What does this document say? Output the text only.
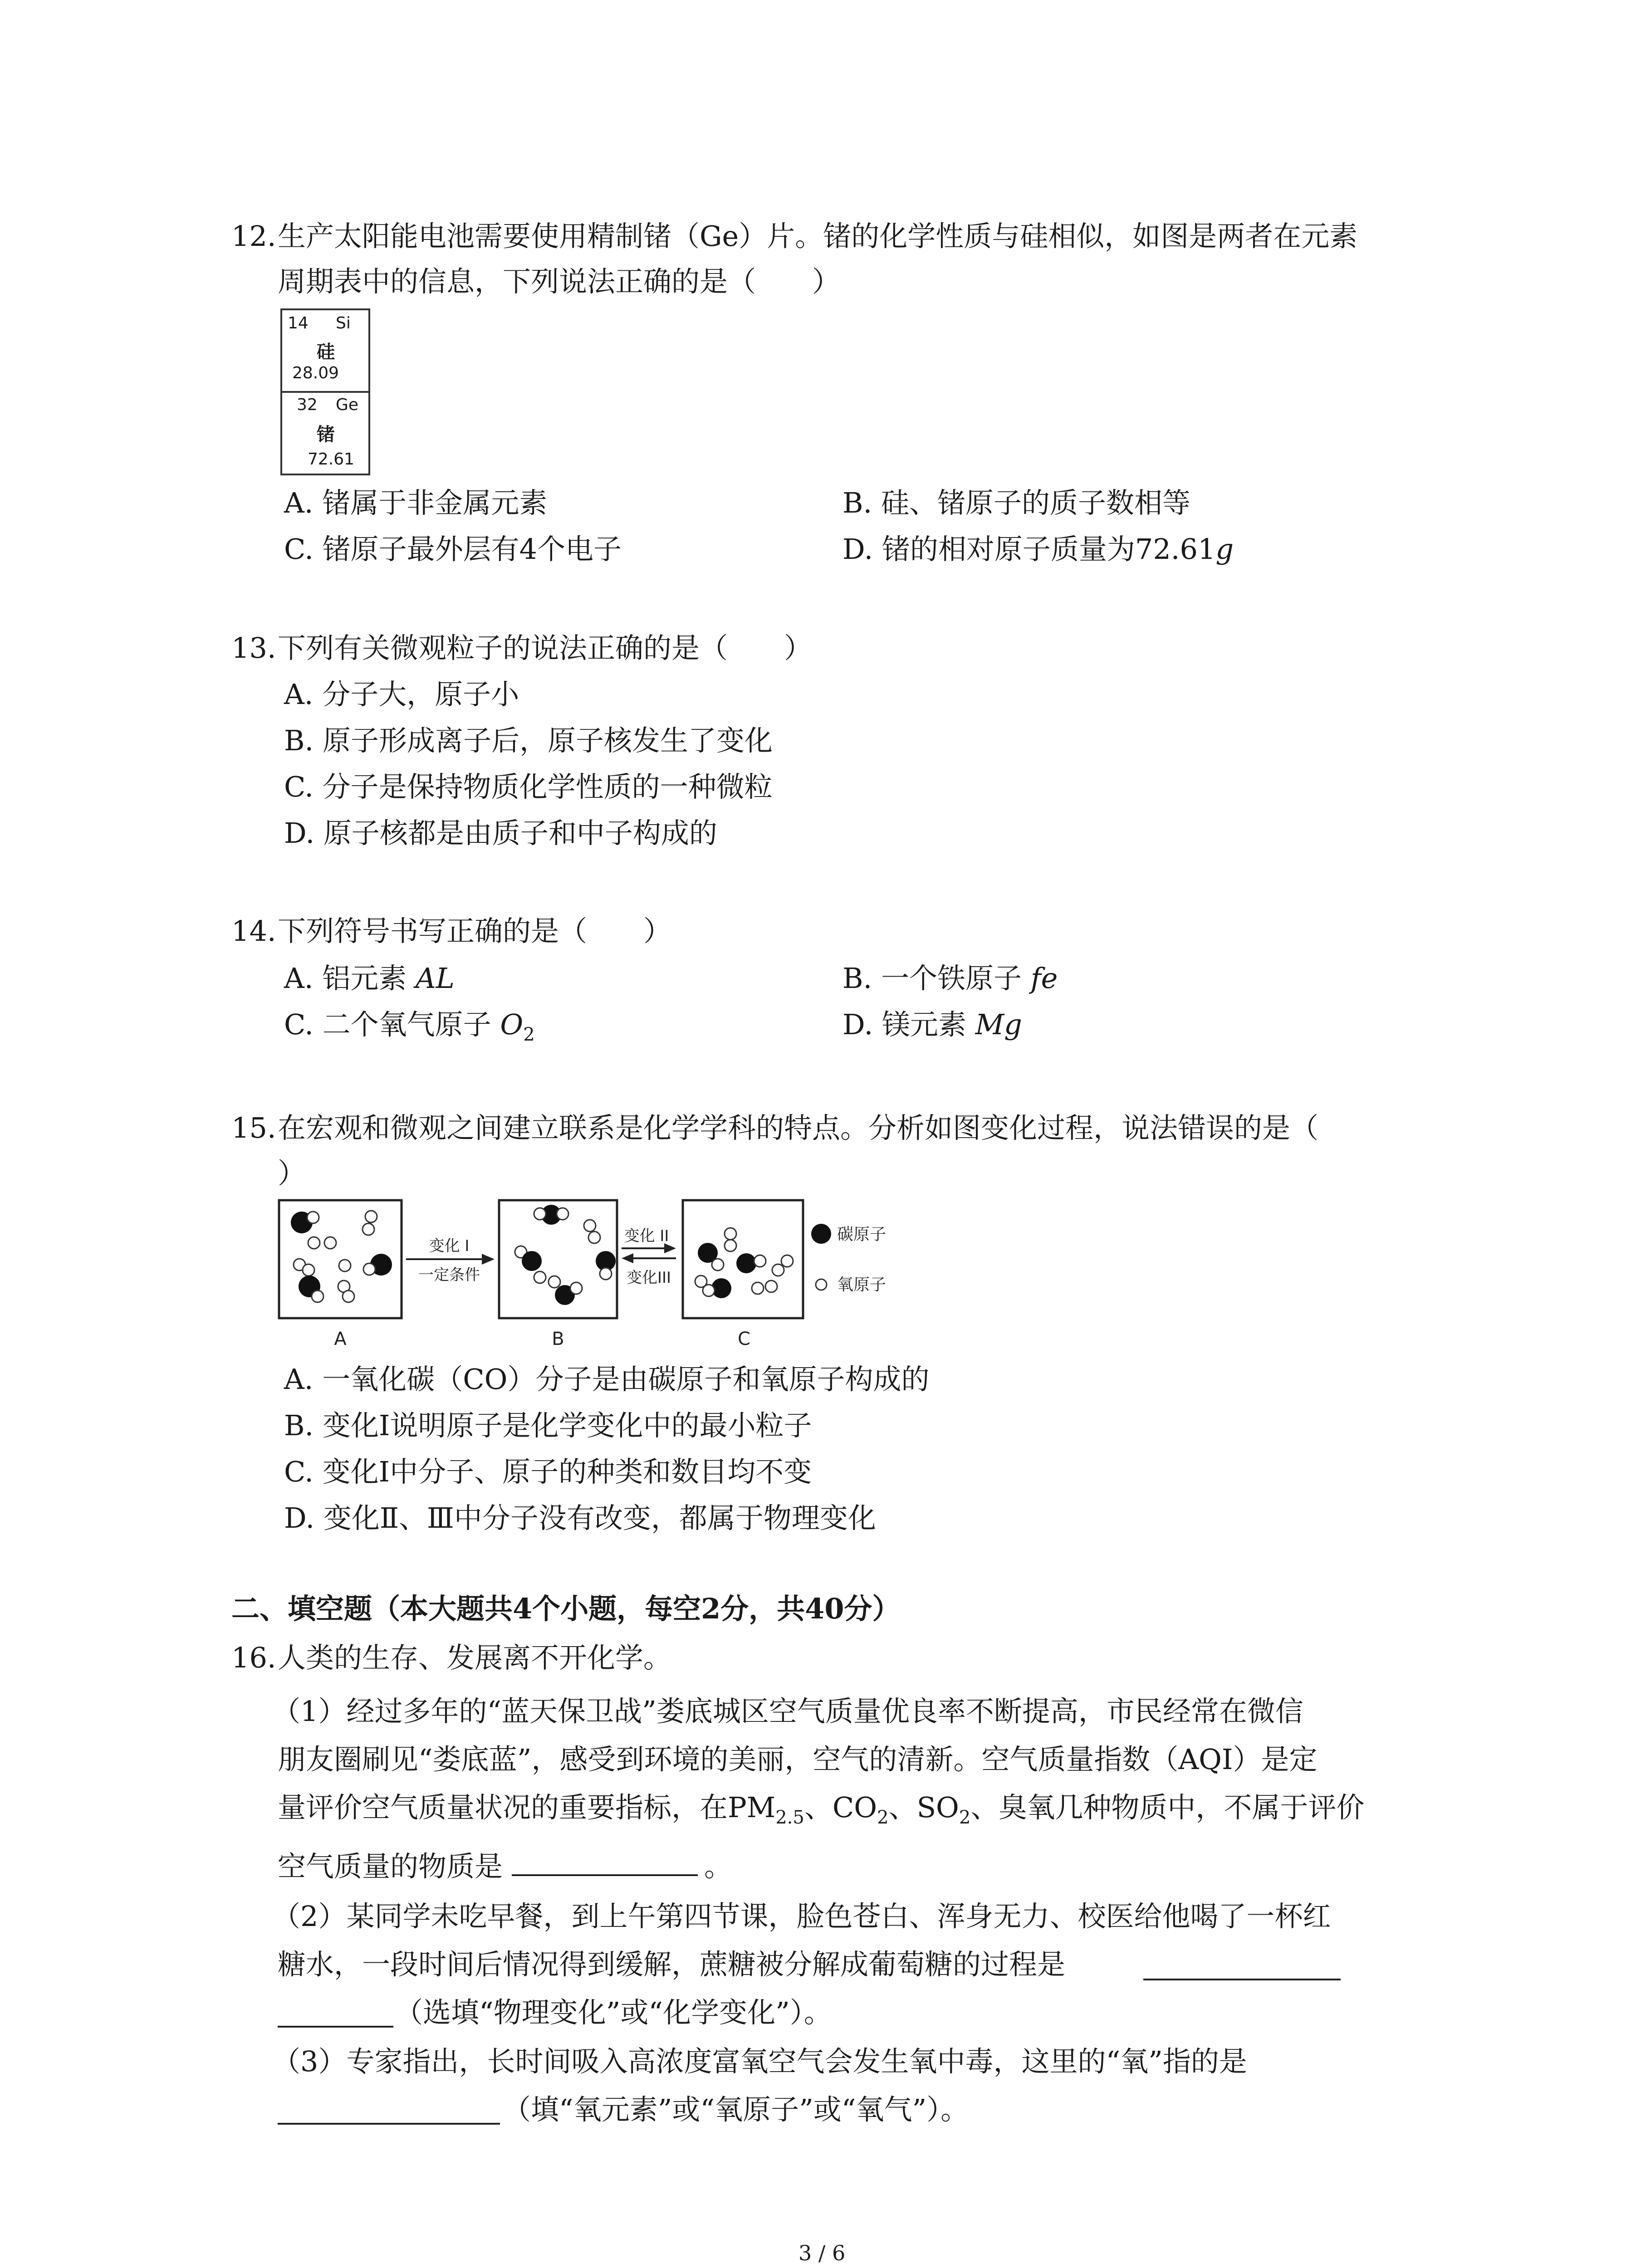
12. 生产太阳能电池需要使用精制锗（Ge）片。锗的化学性质与硅相似，如图是两者在元素
周期表中的信息，下列说法正确的是（　　）
14 Si
硅
28.09
32 Ge
锗
72.61
A. 锗属于非金属元素	B. 硅、锗原子的质子数相等
C. 锗原子最外层有4个电子	D. 锗的相对原子质量为72.61g
13. 下列有关微观粒子的说法正确的是（　　）
A. 分子大，原子小
B. 原子形成离子后，原子核发生了变化
C. 分子是保持物质化学性质的一种微粒
D. 原子核都是由质子和中子构成的
14. 下列符号书写正确的是（　　）
A. 铝元素 AL	B. 一个铁原子 fe
C. 二个氧气原子 $O_2$	D. 镁元素 Mg
15. 在宏观和微观之间建立联系是化学学科的特点。分析如图变化过程，说法错误的是（
）
A
变化 I
一定条件
B
变化 II
变化III
C
碳原子
氧原子
A. 一氧化碳（CO）分子是由碳原子和氧原子构成的
B. 变化Ⅰ说明原子是化学变化中的最小粒子
C. 变化Ⅰ中分子、原子的种类和数目均不变
D. 变化Ⅱ、Ⅲ中分子没有改变，都属于物理变化
二、填空题（本大题共4个小题，每空2分，共40分）
16. 人类的生存、发展离不开化学。
（1）经过多年的“蓝天保卫战”娄底城区空气质量优良率不断提高，市民经常在微信
朋友圈刷见“娄底蓝”，感受到环境的美丽，空气的清新。空气质量指数（AQI）是定
量评价空气质量状况的重要指标，在$PM_{2.5}$、$CO_2$、$SO_2$、臭氧几种物质中，不属于评价
空气质量的物质是	。
（2）某同学未吃早餐，到上午第四节课，脸色苍白、浑身无力、校医给他喝了一杯红
糖水，一段时间后情况得到缓解，蔗糖被分解成葡萄糖的过程是
（选填“物理变化”或“化学变化”）。
（3）专家指出，长时间吸入高浓度富氧空气会发生氧中毒，这里的“氧”指的是
（填“氧元素”或“氧原子”或“氧气”）。
3 / 6
